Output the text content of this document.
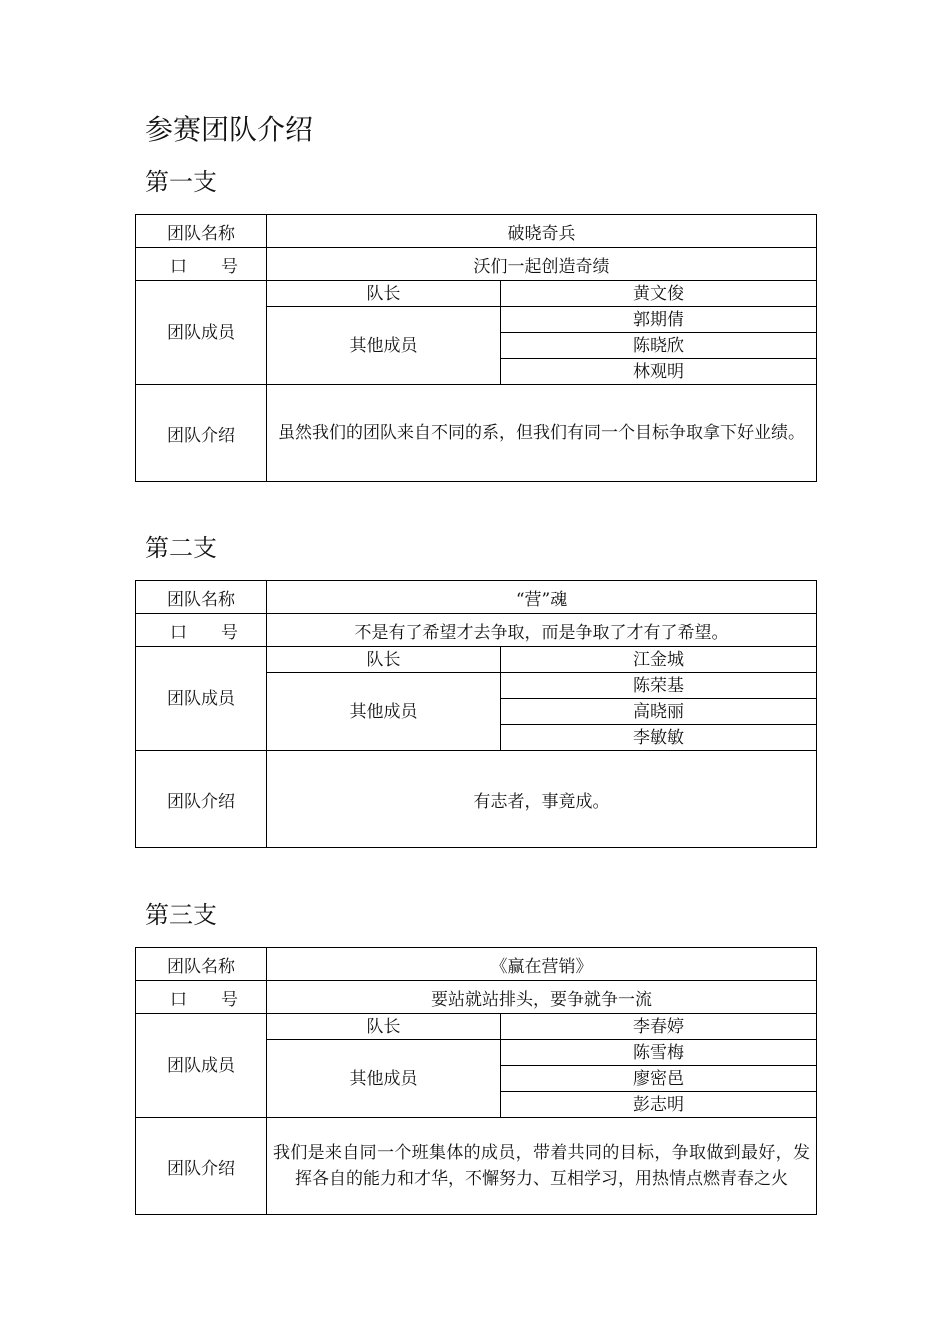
参赛团队介绍
第一支
团队名称	破晓奇兵	

口 号	沃们一起创造奇绩	
团队成员	队长	黄文俊
	其他成员	郭期倩
		陈晓欣
		林观明
团队介绍	虽然我们的团队来自不同的系，但我们有同一个目标争取拿下好业绩。	
第二支
团队名称	“营”魂	

口 号	不是有了希望才去争取，而是争取了才有了希望。	
团队成员	队长	江金城
	其他成员	陈荣基
		高晓丽
		李敏敏
团队介绍	有志者，事竟成。	
第三支
团队名称	《赢在营销》	

口 号	要站就站排头，要争就争一流	
团队成员	队长	李春婷
	其他成员	陈雪梅
		廖密邑
		彭志明
团队介绍	我们是来自同一个班集体的成员，带着共同的目标，争取做到最好，发挥各自的能力和才华，不懈努力、互相学习，用热情点燃青春之火	
